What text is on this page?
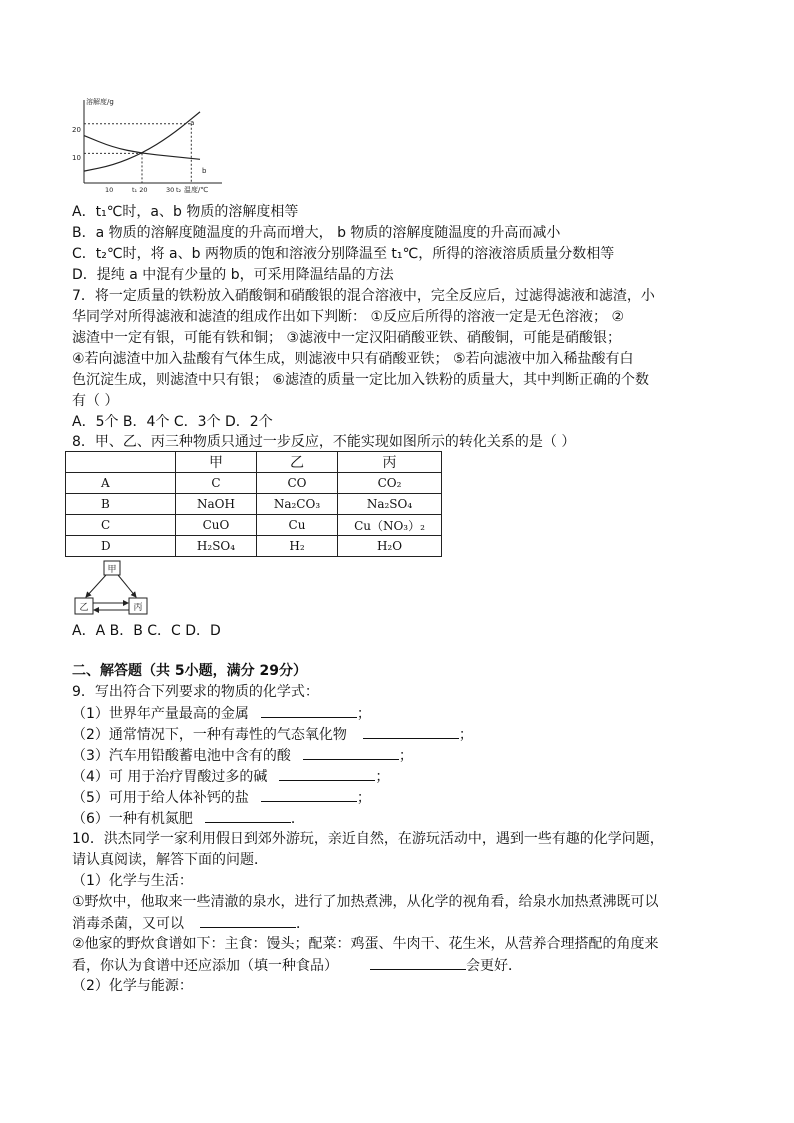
溶解度/g
20
10
10	t₁ 20	30 t₂ 温度/℃
a
b
A．t₁℃时，a、b 物质的溶解度相等
B．a 物质的溶解度随温度的升高而增大， b 物质的溶解度随温度的升高而减小
C．t₂℃时，将 a、b 两物质的饱和溶液分别降温至 t₁℃，所得的溶液溶质质量分数相等
D．提纯 a 中混有少量的 b，可采用降温结晶的方法
7．将一定质量的铁粉放入硝酸铜和硝酸银的混合溶液中，完全反应后，过滤得滤液和滤渣，小
华同学对所得滤液和滤渣的组成作出如下判断： ①反应后所得的溶液一定是无色溶液； ②
滤渣中一定有银，可能有铁和铜； ③滤液中一定汉阳硝酸亚铁、硝酸铜，可能是硝酸银；
④若向滤渣中加入盐酸有气体生成，则滤液中只有硝酸亚铁； ⑤若向滤液中加入稀盐酸有白
色沉淀生成，则滤渣中只有银； ⑥滤渣的质量一定比加入铁粉的质量大，其中判断正确的个数
有（ ）
A．5个 B．4个 C．3个 D．2个
8．甲、乙、丙三种物质只通过一步反应，不能实现如图所示的转化关系的是（ ）
	甲	乙	丙
A	C	CO	CO₂
B	NaOH	Na₂CO₃	Na₂SO₄
C	CuO	Cu	Cu（NO₃）₂
D	H₂SO₄	H₂	H₂O
甲
乙	丙
A．A B．B C．C D．D
二、解答题（共 5小题，满分 29分）
9．写出符合下列要求的物质的化学式：
（1）世界年产量最高的金属	；
（2）通常情况下，一种有毒性的气态氧化物	；
（3）汽车用铅酸蓄电池中含有的酸	；
（4）可 用于治疗胃酸过多的碱	；
（5）可用于给人体补钙的盐	；
（6）一种有机氮肥	．
10．洪杰同学一家利用假日到郊外游玩，亲近自然，在游玩活动中，遇到一些有趣的化学问题，
请认真阅读，解答下面的问题．
（1）化学与生活：
①野炊中，他取来一些清澈的泉水，进行了加热煮沸，从化学的视角看，给泉水加热煮沸既可以
消毒杀菌，又可以	．
②他家的野炊食谱如下：主食：馒头；配菜：鸡蛋、牛肉干、花生米，从营养合理搭配的角度来
看，你认为食谱中还应添加（填一种食品）	会更好．
（2）化学与能源：
